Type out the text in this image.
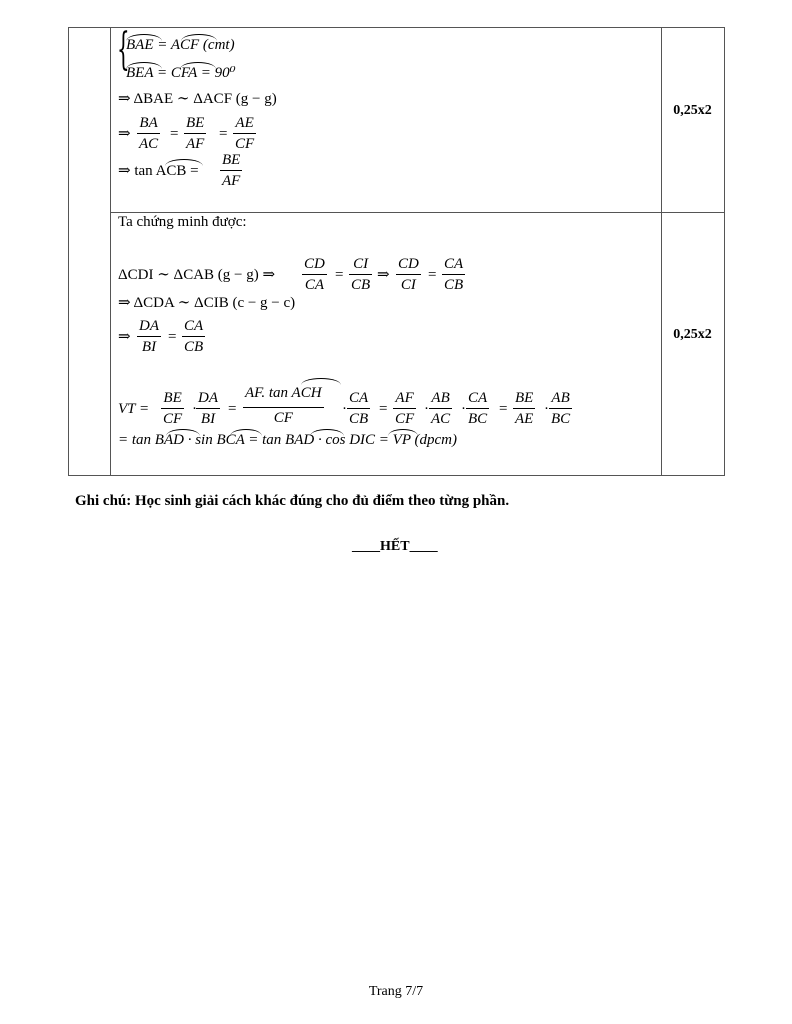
0,25x2
0,25x2
{
BAE = ACF (cmt)
BEA = CFA = 90⁰
⇒ ΔBAE ∼ ΔACF (g − g)
⇒ $\frac{BA}{AC} = \frac{BE}{AF} = \frac{AE}{CF}$
⇒ tan ACB = $\frac{BE}{AF}$
Ta chứng minh được:
ΔCDI ∼ ΔCAB (g − g) ⇒ $\frac{CD}{CA} = \frac{CI}{CB}$ ⇒ $\frac{CD}{CI} = \frac{CA}{CB}$
⇒ ΔCDA ∼ ΔCIB (c − g − c)
⇒ $\frac{DA}{BI} = \frac{CA}{CB}$
VT = $\frac{BE}{CF} \cdot \frac{DA}{BI}$ =
AF. tan ACH
CF
· $\frac{CA}{CB} = \frac{AF}{CF} \cdot \frac{AB}{AC} \cdot \frac{CA}{BC} = \frac{BE}{AE} \cdot \frac{AB}{BC}$
= tan BAD · sin BCA = tan BAD · cos DIC = VP (dpcm)
Ghi chú: Học sinh giải cách khác đúng cho đủ điểm theo từng phần.
____HẾT____
Trang 7/7
